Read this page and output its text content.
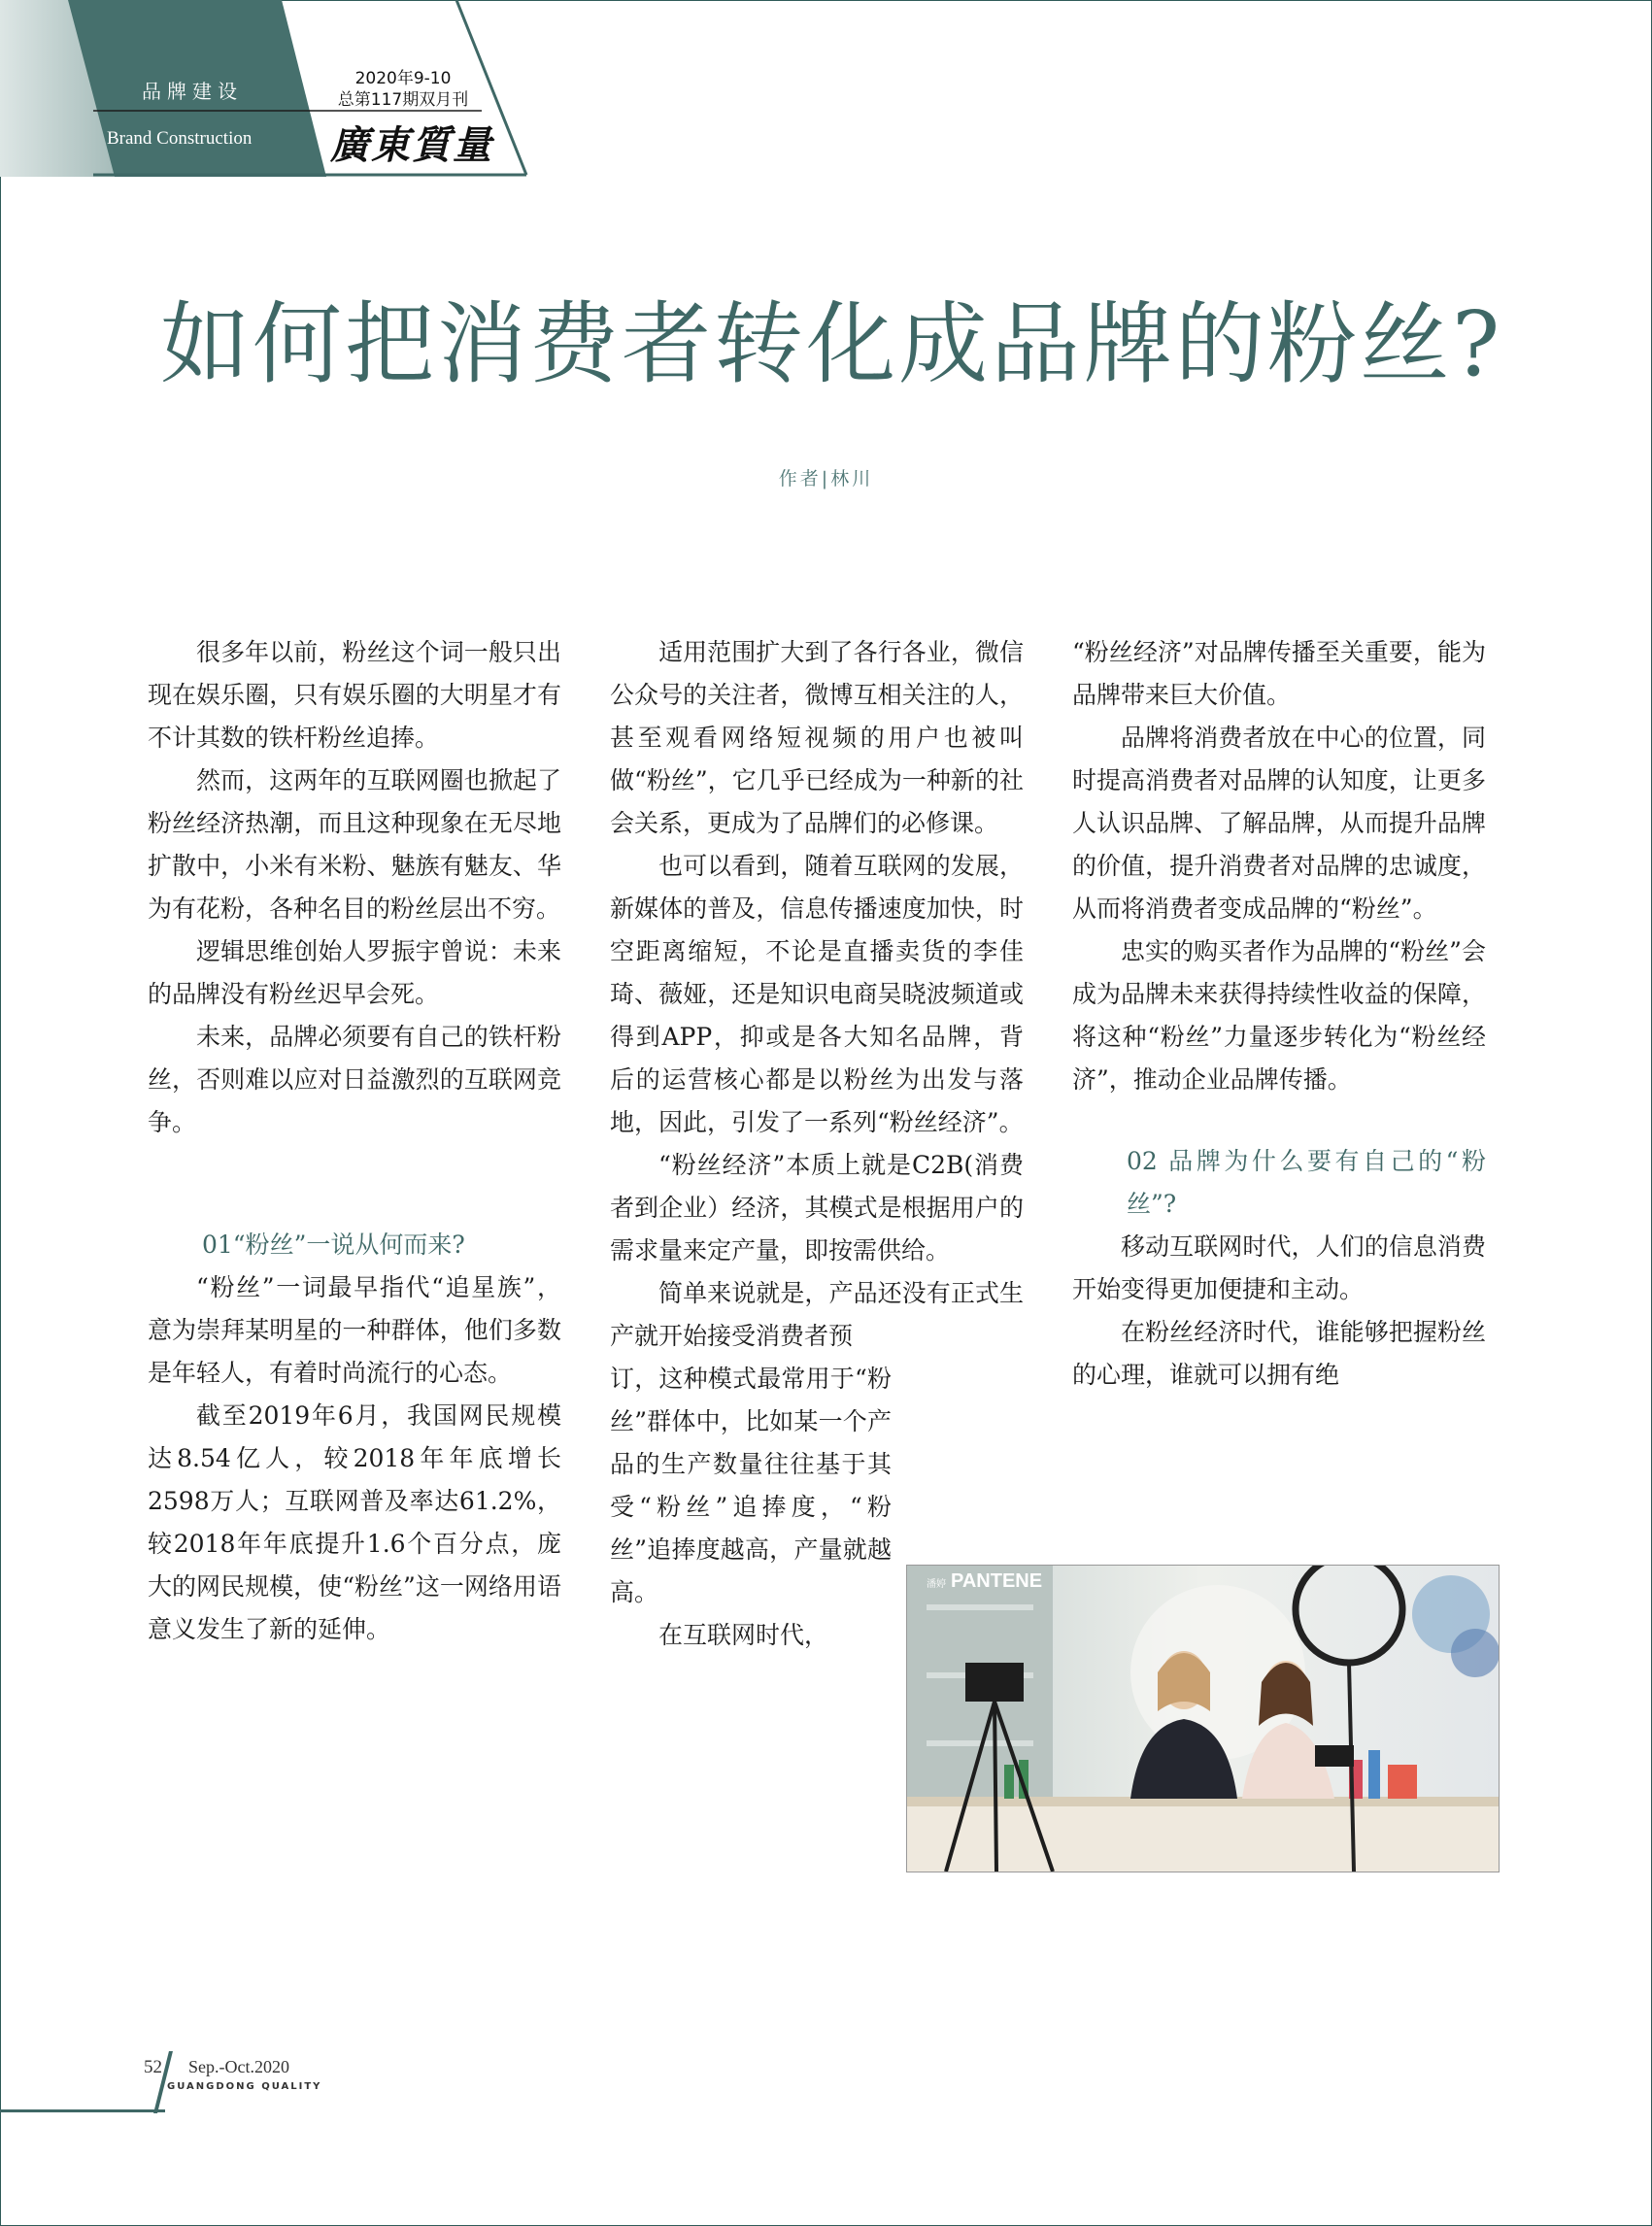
品牌建设
Brand Construction
2020年9-10
总第117期双月刊
廣東質量
如何把消费者转化成品牌的粉丝?
作者|林川

很多年以前，粉丝这个词一般只出现在娱乐圈，只有娱乐圈的大明星才有不计其数的铁杆粉丝追捧。

然而，这两年的互联网圈也掀起了粉丝经济热潮，而且这种现象在无尽地扩散中，小米有米粉、魅族有魅友、华为有花粉，各种名目的粉丝层出不穷。

逻辑思维创始人罗振宇曾说：未来的品牌没有粉丝迟早会死。

未来，品牌必须要有自己的铁杆粉丝，否则难以应对日益激烈的互联网竞争。

01“粉丝”一说从何而来?

“粉丝”一词最早指代“追星族”，意为崇拜某明星的一种群体，他们多数是年轻人，有着时尚流行的心态。

截至2019年6月，我国网民规模达8.54亿人，较2018年年底增长2598万人；互联网普及率达61.2%，较2018年年底提升1.6个百分点，庞大的网民规模，使“粉丝”这一网络用语意义发生了新的延伸。

适用范围扩大到了各行各业，微信公众号的关注者，微博互相关注的人，甚至观看网络短视频的用户也被叫做“粉丝”，它几乎已经成为一种新的社会关系，更成为了品牌们的必修课。

也可以看到，随着互联网的发展，新媒体的普及，信息传播速度加快，时空距离缩短，不论是直播卖货的李佳琦、薇娅，还是知识电商吴晓波频道或得到APP，抑或是各大知名品牌，背后的运营核心都是以粉丝为出发与落地，因此，引发了一系列“粉丝经济”。

“粉丝经济”本质上就是C2B(消费者到企业）经济，其模式是根据用户的需求量来定产量，即按需供给。

简单来说就是，产品还没有正式生产就开始接受消费者预

订，这种模式最常用于“粉丝”群体中，比如某一个产品的生产数量往往基于其受“粉丝”追捧度，“粉丝”追捧度越高，产量就越高。

在互联网时代，

“粉丝经济”对品牌传播至关重要，能为品牌带来巨大价值。

品牌将消费者放在中心的位置，同时提高消费者对品牌的认知度，让更多人认识品牌、了解品牌，从而提升品牌的价值，提升消费者对品牌的忠诚度，从而将消费者变成品牌的“粉丝”。

忠实的购买者作为品牌的“粉丝”会成为品牌未来获得持续性收益的保障，将这种“粉丝”力量逐步转化为“粉丝经济”，推动企业品牌传播。

02 品牌为什么要有自己的“粉丝”?

移动互联网时代，人们的信息消费开始变得更加便捷和主动。

在粉丝经济时代，谁能够把握粉丝的心理，谁就可以拥有绝

PANTENE
潘婷
52 Sep.-Oct.2020
GUANGDONG QUALITY
